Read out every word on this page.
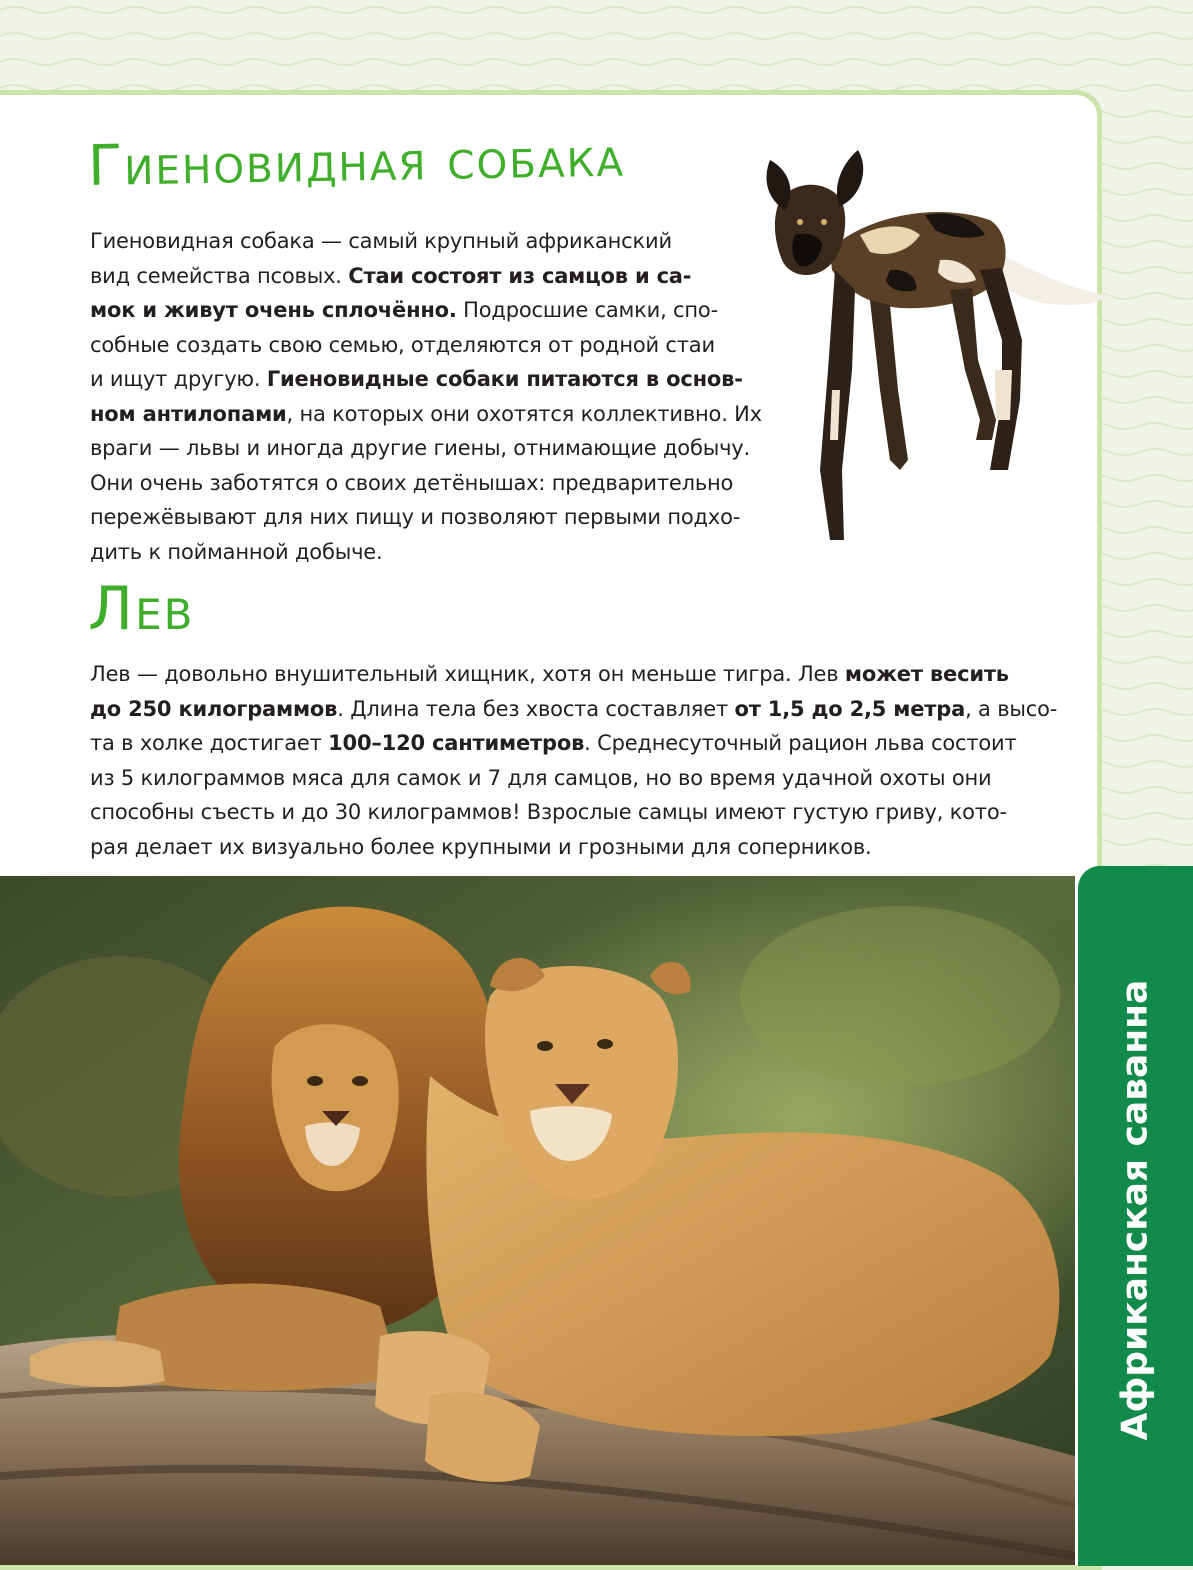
Гиеновидная собака

Гиеновидная собака — самый крупный африканский
вид семейства псовых. Стаи состоят из самцов и са-
мок и живут очень сплочённо. Подросшие самки, спо-
собные создать свою семью, отделяются от родной стаи
и ищут другую. Гиеновидные собаки питаются в основ-
ном антилопами, на которых они охотятся коллективно. Их
враги — львы и иногда другие гиены, отнимающие добычу.
Они очень заботятся о своих детёнышах: предварительно
пережёвывают для них пищу и позволяют первыми подхо-
дить к пойманной добыче.

Лев

Лев — довольно внушительный хищник, хотя он меньше тигра. Лев может весить
до 250 килограммов. Длина тела без хвоста составляет от 1,5 до 2,5 метра, а высо-
та в холке достигает 100–120 сантиметров. Среднесуточный рацион льва состоит
из 5 килограммов мяса для самок и 7 для самцов, но во время удачной охоты они
способны съесть и до 30 килограммов! Взрослые самцы имеют густую гриву, кото-
рая делает их визуально более крупными и грозными для соперников.

Африканская саванна
